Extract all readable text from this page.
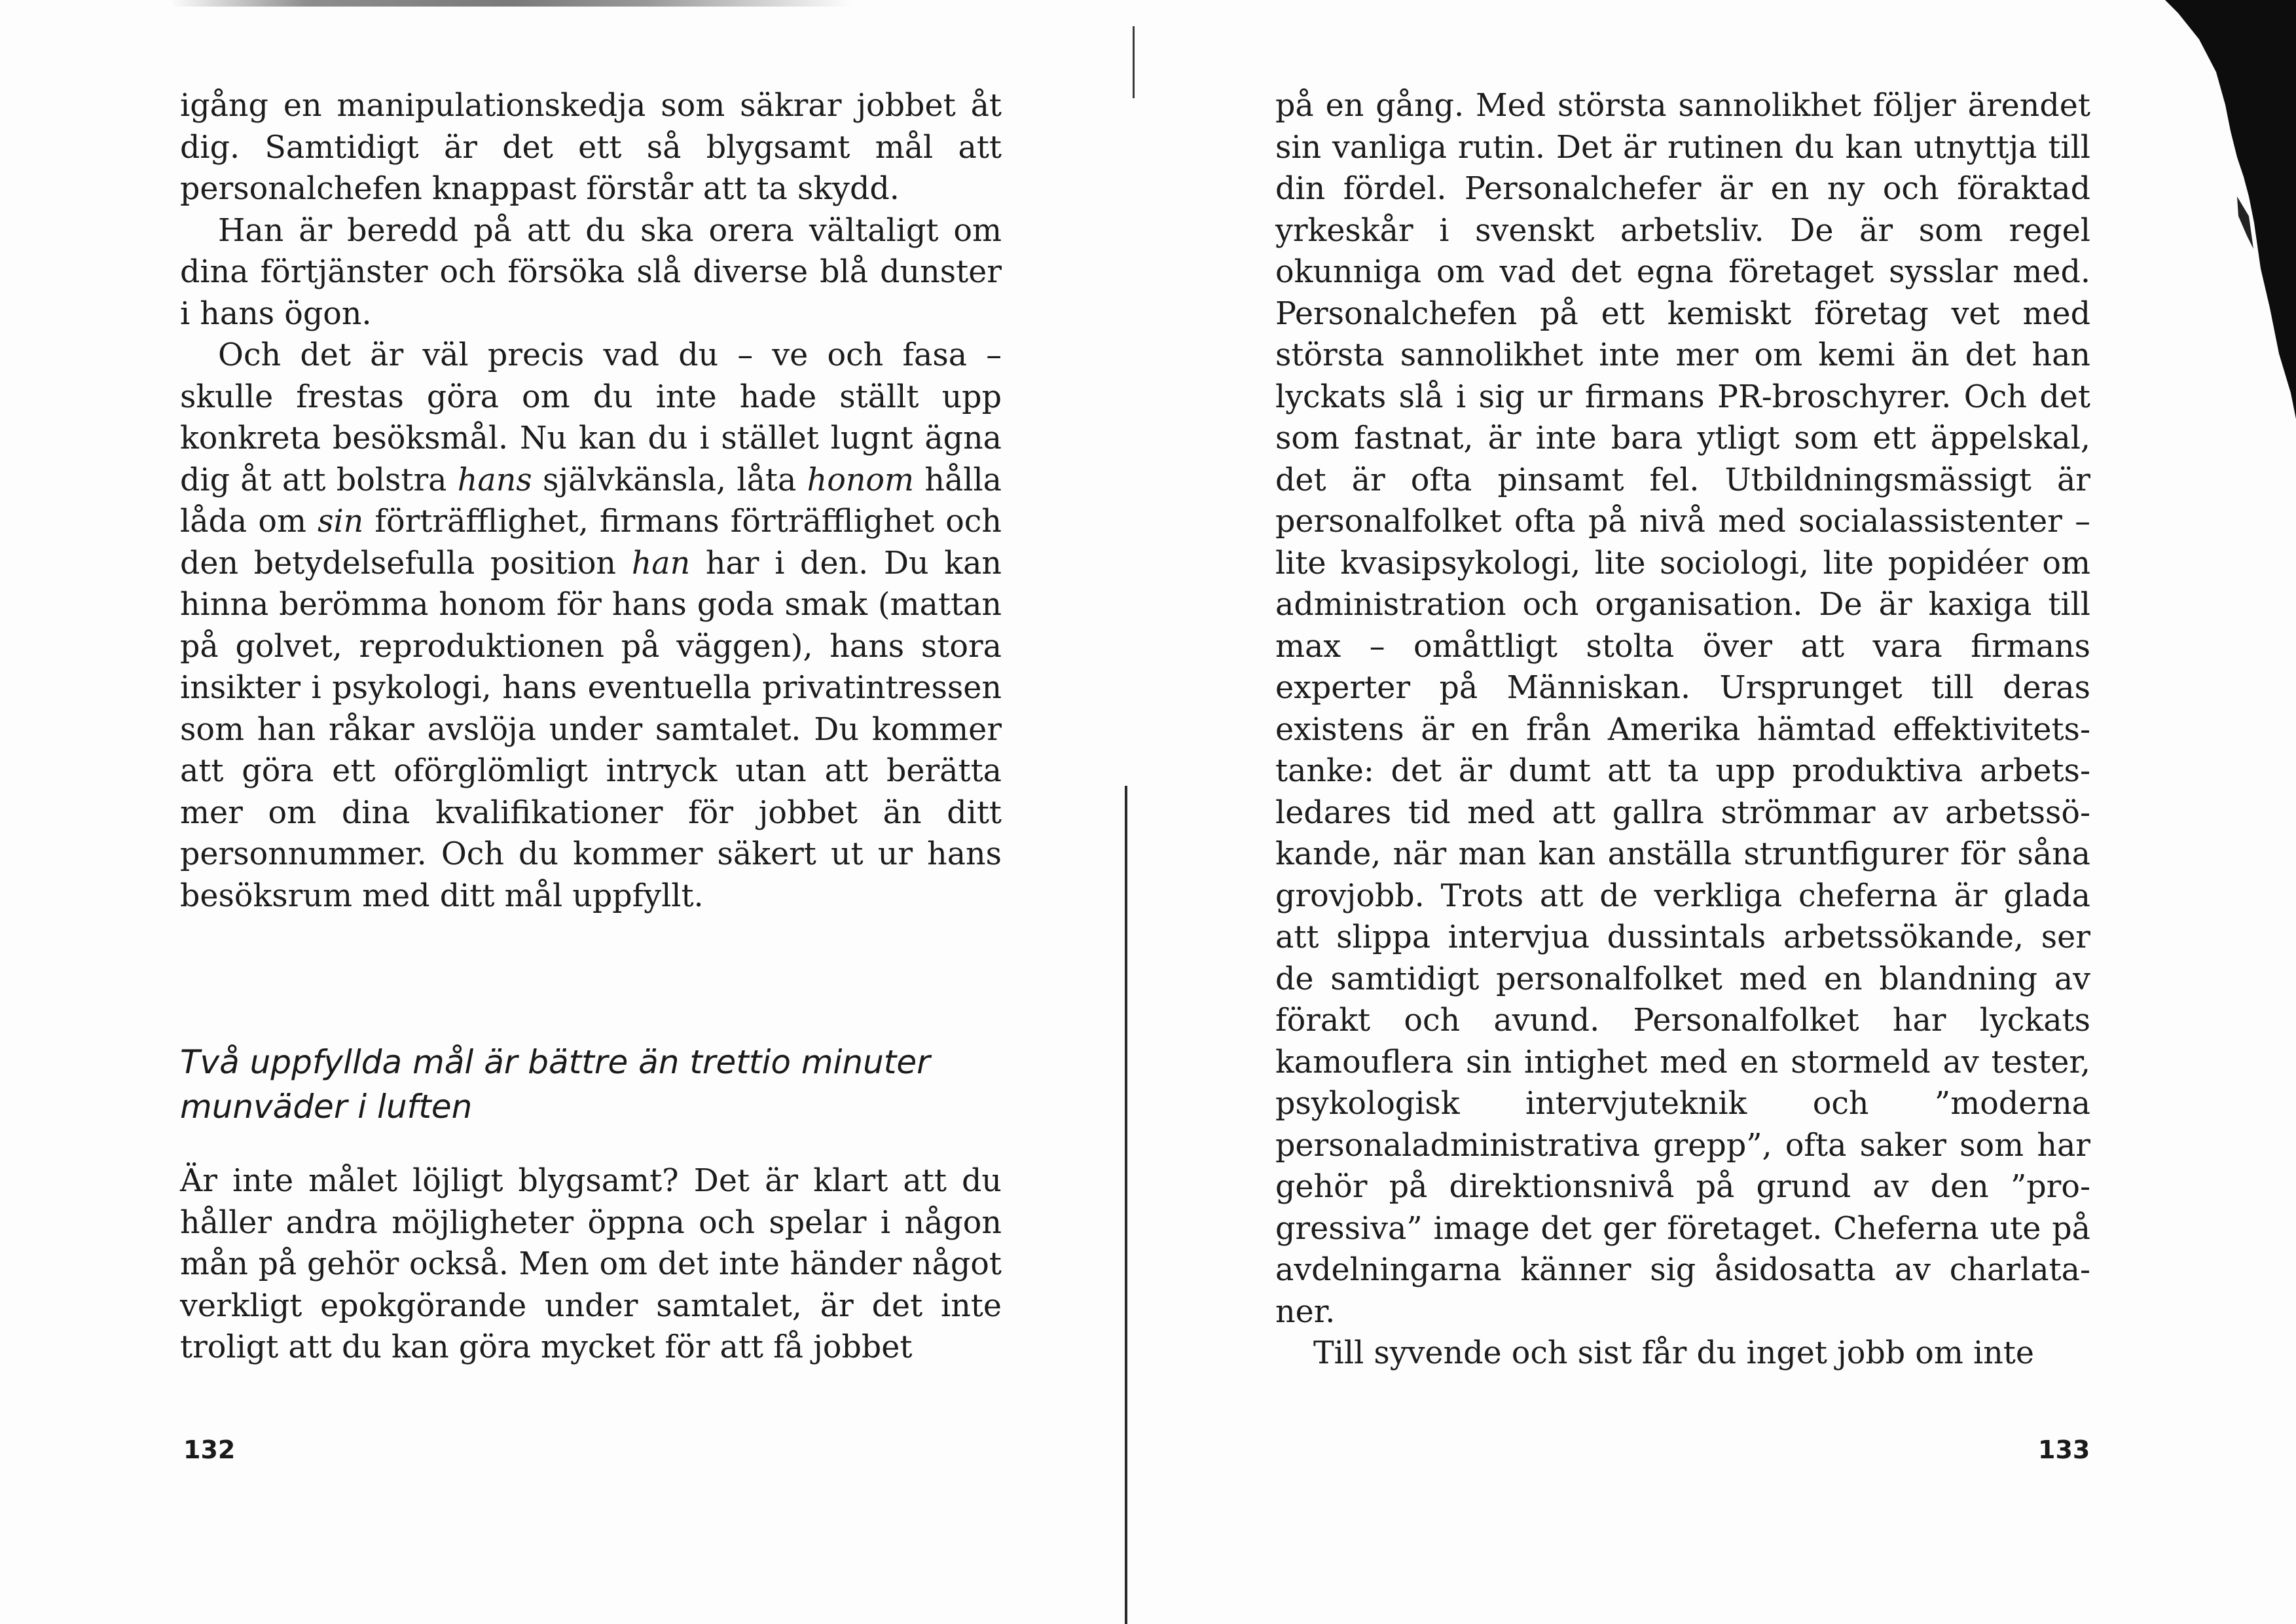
igång en manipulationskedja som säkrar jobbet åt dig. Samtidigt är det ett så blygsamt mål att personalchefen knappast förstår att ta skydd.

Han är beredd på att du ska orera vältaligt om dina förtjänster och försöka slå diverse blå dunster i hans ögon.

Och det är väl precis vad du – ve och fasa – skulle frestas göra om du inte hade ställt upp konkreta besöksmål. Nu kan du i stället lugnt ägna dig åt att bolstra hans självkänsla, låta honom hålla låda om sin förträfflighet, firmans förträfflighet och den betydelsefulla position han har i den. Du kan hinna berömma honom för hans goda smak (mattan på golvet, reproduktionen på väggen), hans stora insikter i psykologi, hans eventuella privatintressen som han råkar avslöja under samtalet. Du kommer att göra ett oförglömligt intryck utan att berätta mer om dina kvalifikationer för jobbet än ditt personnummer. Och du kommer säkert ut ur hans besöksrum med ditt mål uppfyllt.

Två uppfyllda mål är bättre än trettio minuter
munväder i luften

Är inte målet löjligt blygsamt? Det är klart att du håller andra möjligheter öppna och spelar i någon mån på gehör också. Men om det inte händer något verkligt epokgörande under samtalet, är det inte troligt att du kan göra mycket för att få jobbet

132

på en gång. Med största sannolikhet följer ärendet sin vanliga rutin. Det är rutinen du kan utnyttja till din fördel. Personalchefer är en ny och föraktad yrkeskår i svenskt arbetsliv. De är som regel okunniga om vad det egna företaget sysslar med. Personalchefen på ett kemiskt företag vet med största sannolikhet inte mer om kemi än det han lyckats slå i sig ur firmans PR-broschyrer. Och det som fastnat, är inte bara ytligt som ett äppelskal, det är ofta pinsamt fel. Utbildningsmässigt är personalfolket ofta på nivå med socialassistenter – lite kvasipsykologi, lite sociologi, lite popidéer om administration och organisation. De är kaxiga till max – omåttligt stolta över att vara firmans experter på Människan. Ursprunget till deras existens är en från Amerika hämtad effektivitetstanke: det är dumt att ta upp produktiva arbetsledares tid med att gallra strömmar av arbetssökande, när man kan anställa struntfigurer för såna grovjobb. Trots att de verkliga cheferna är glada att slippa intervjua dussintals arbetssökande, ser de samtidigt personalfolket med en blandning av förakt och avund. Personalfolket har lyckats kamouflera sin intighet med en stormeld av tester, psykologisk intervjuteknik och ”moderna personaladministrativa grepp”, ofta saker som har gehör på direktionsnivå på grund av den ”progressiva” image det ger företaget. Cheferna ute på avdelningarna känner sig åsidosatta av charlataner.

Till syvende och sist får du inget jobb om inte

133
